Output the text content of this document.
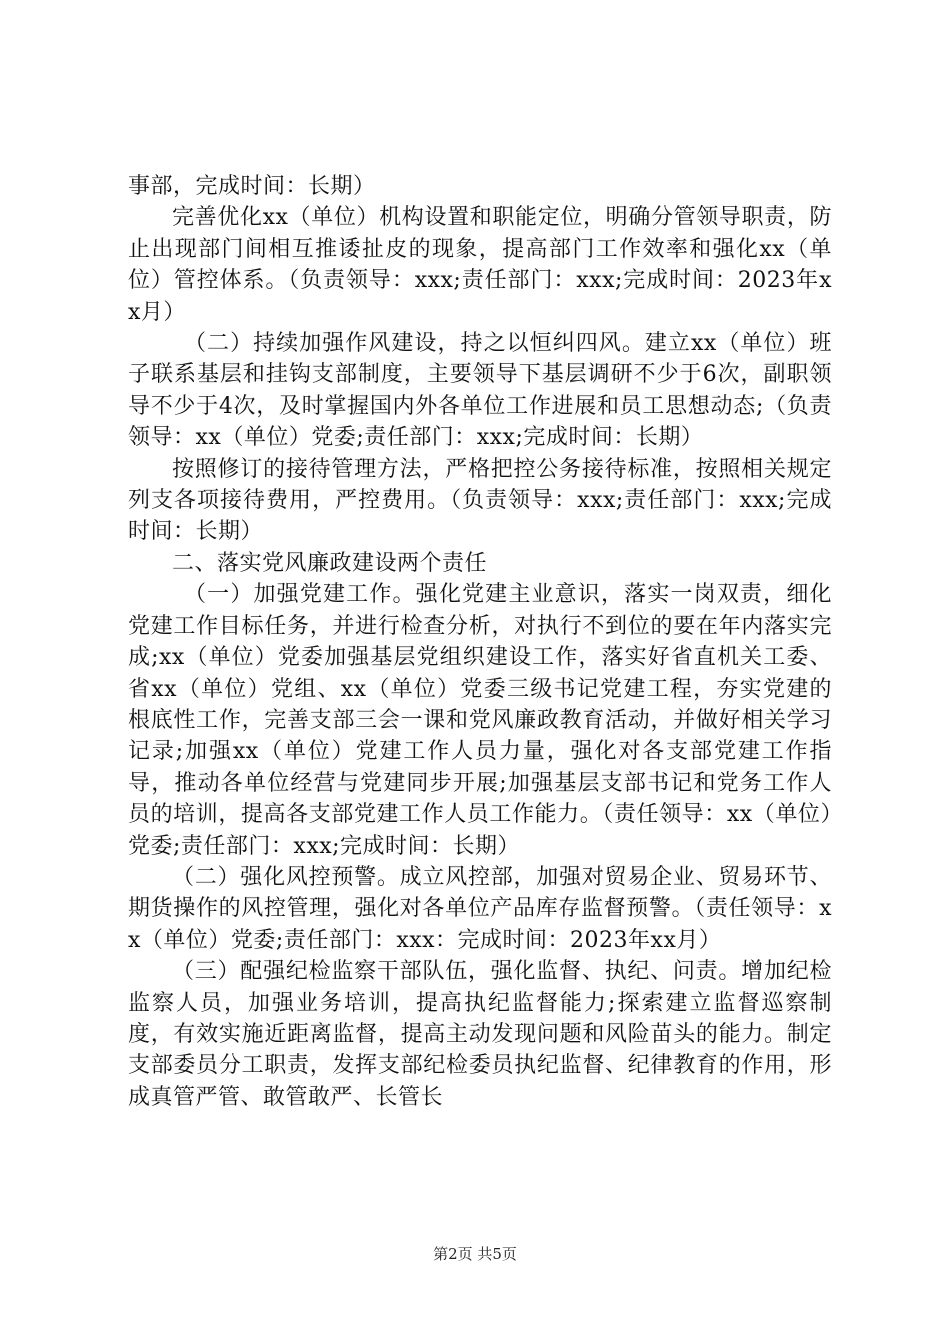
事部，完成时间：长期）

完善优化xx（单位）机构设置和职能定位，明确分管领导职责，防止出现部门间相互推诿扯皮的现象，提高部门工作效率和强化xx（单位）管控体系。（负责领导：xxx;责任部门：xxx;完成时间：2023年xx月）

（二）持续加强作风建设，持之以恒纠四风。建立xx（单位）班子联系基层和挂钩支部制度，主要领导下基层调研不少于6次，副职领导不少于4次，及时掌握国内外各单位工作进展和员工思想动态;（负责领导：xx（单位）党委;责任部门：xxx;完成时间：长期）

按照修订的接待管理方法，严格把控公务接待标准，按照相关规定列支各项接待费用，严控费用。（负责领导：xxx;责任部门：xxx;完成时间：长期）

二、落实党风廉政建设两个责任

（一）加强党建工作。强化党建主业意识，落实一岗双责，细化党建工作目标任务，并进行检查分析，对执行不到位的要在年内落实完成;xx（单位）党委加强基层党组织建设工作，落实好省直机关工委、省xx（单位）党组、xx（单位）党委三级书记党建工程，夯实党建的根底性工作，完善支部三会一课和党风廉政教育活动，并做好相关学习记录;加强xx（单位）党建工作人员力量，强化对各支部党建工作指导，推动各单位经营与党建同步开展;加强基层支部书记和党务工作人员的培训，提高各支部党建工作人员工作能力。（责任领导：xx（单位）党委;责任部门：xxx;完成时间：长期）

（二）强化风控预警。成立风控部，加强对贸易企业、贸易环节、期货操作的风控管理，强化对各单位产品库存监督预警。（责任领导：xx（单位）党委;责任部门：xxx：完成时间：2023年xx月）

（三）配强纪检监察干部队伍，强化监督、执纪、问责。增加纪检监察人员，加强业务培训，提高执纪监督能力;探索建立监督巡察制度，有效实施近距离监督，提高主动发现问题和风险苗头的能力。制定支部委员分工职责，发挥支部纪检委员执纪监督、纪律教育的作用，形成真管严管、敢管敢严、长管长

第2页 共5页
